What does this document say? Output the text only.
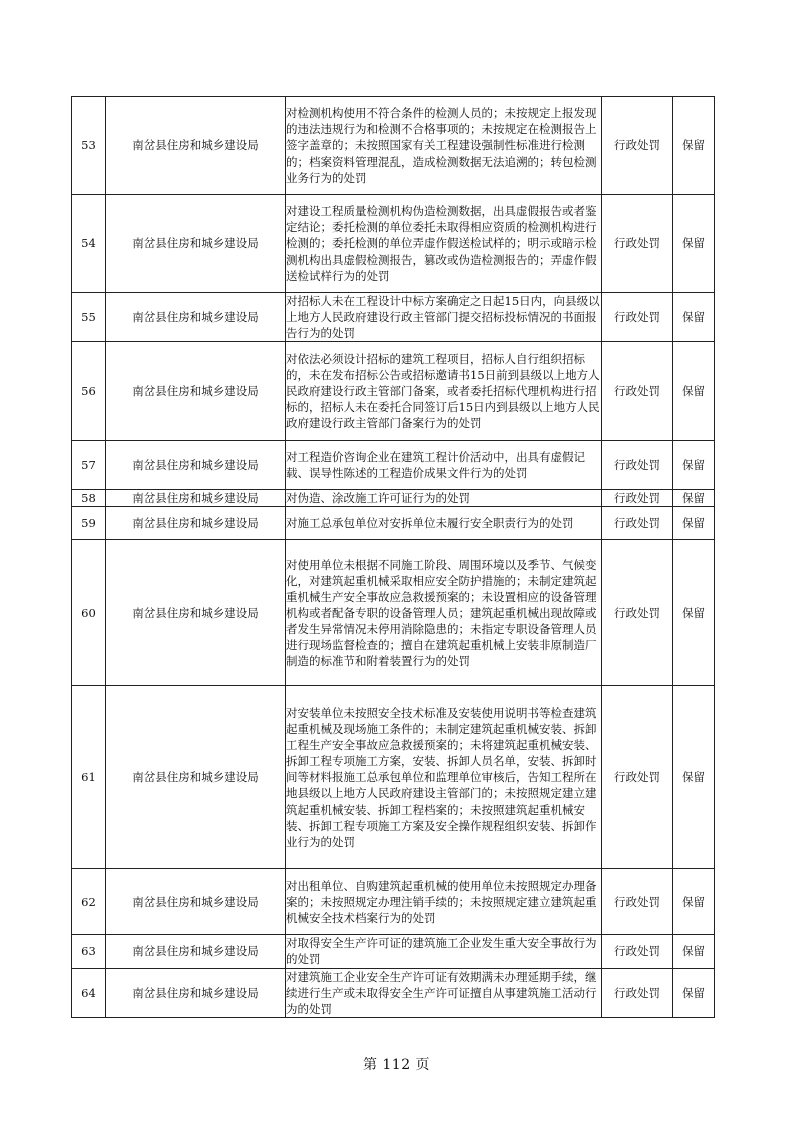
53	南岔县住房和城乡建设局	对检测机构使用不符合条件的检测人员的；未按规定上报发现的违法违规行为和检测不合格事项的；未按规定在检测报告上签字盖章的；未按照国家有关工程建设强制性标准进行检测的；档案资料管理混乱，造成检测数据无法追溯的；转包检测业务行为的处罚	行政处罚	保留
54	南岔县住房和城乡建设局	对建设工程质量检测机构伪造检测数据，出具虚假报告或者鉴定结论；委托检测的单位委托未取得相应资质的检测机构进行检测的；委托检测的单位弄虚作假送检试样的；明示或暗示检测机构出具虚假检测报告，篡改或伪造检测报告的；弄虚作假送检试样行为的处罚	行政处罚	保留
55	南岔县住房和城乡建设局	对招标人未在工程设计中标方案确定之日起15日内，向县级以上地方人民政府建设行政主管部门提交招标投标情况的书面报告行为的处罚	行政处罚	保留
56	南岔县住房和城乡建设局	对依法必须设计招标的建筑工程项目，招标人自行组织招标的，未在发布招标公告或招标邀请书15日前到县级以上地方人民政府建设行政主管部门备案，或者委托招标代理机构进行招标的，招标人未在委托合同签订后15日内到县级以上地方人民政府建设行政主管部门备案行为的处罚	行政处罚	保留
57	南岔县住房和城乡建设局	对工程造价咨询企业在建筑工程计价活动中，出具有虚假记载、误导性陈述的工程造价成果文件行为的处罚	行政处罚	保留
58	南岔县住房和城乡建设局	对伪造、涂改施工许可证行为的处罚	行政处罚	保留
59	南岔县住房和城乡建设局	对施工总承包单位对安拆单位未履行安全职责行为的处罚	行政处罚	保留
60	南岔县住房和城乡建设局	对使用单位未根据不同施工阶段、周围环境以及季节、气候变化，对建筑起重机械采取相应安全防护措施的；未制定建筑起重机械生产安全事故应急救援预案的；未设置相应的设备管理机构或者配备专职的设备管理人员；建筑起重机械出现故障或者发生异常情况未停用消除隐患的；未指定专职设备管理人员进行现场监督检查的；擅自在建筑起重机械上安装非原制造厂制造的标准节和附着装置行为的处罚	行政处罚	保留
61	南岔县住房和城乡建设局	对安装单位未按照安全技术标准及安装使用说明书等检查建筑起重机械及现场施工条件的；未制定建筑起重机械安装、拆卸工程生产安全事故应急救援预案的；未将建筑起重机械安装、拆卸工程专项施工方案，安装、拆卸人员名单，安装、拆卸时间等材料报施工总承包单位和监理单位审核后，告知工程所在地县级以上地方人民政府建设主管部门的；未按照规定建立建筑起重机械安装、拆卸工程档案的；未按照建筑起重机械安装、拆卸工程专项施工方案及安全操作规程组织安装、拆卸作业行为的处罚	行政处罚	保留
62	南岔县住房和城乡建设局	对出租单位、自购建筑起重机械的使用单位未按照规定办理备案的；未按照规定办理注销手续的；未按照规定建立建筑起重机械安全技术档案行为的处罚	行政处罚	保留
63	南岔县住房和城乡建设局	对取得安全生产许可证的建筑施工企业发生重大安全事故行为的处罚	行政处罚	保留
64	南岔县住房和城乡建设局	对建筑施工企业安全生产许可证有效期满未办理延期手续，继续进行生产或未取得安全生产许可证擅自从事建筑施工活动行为的处罚	行政处罚	保留
第 112 页
